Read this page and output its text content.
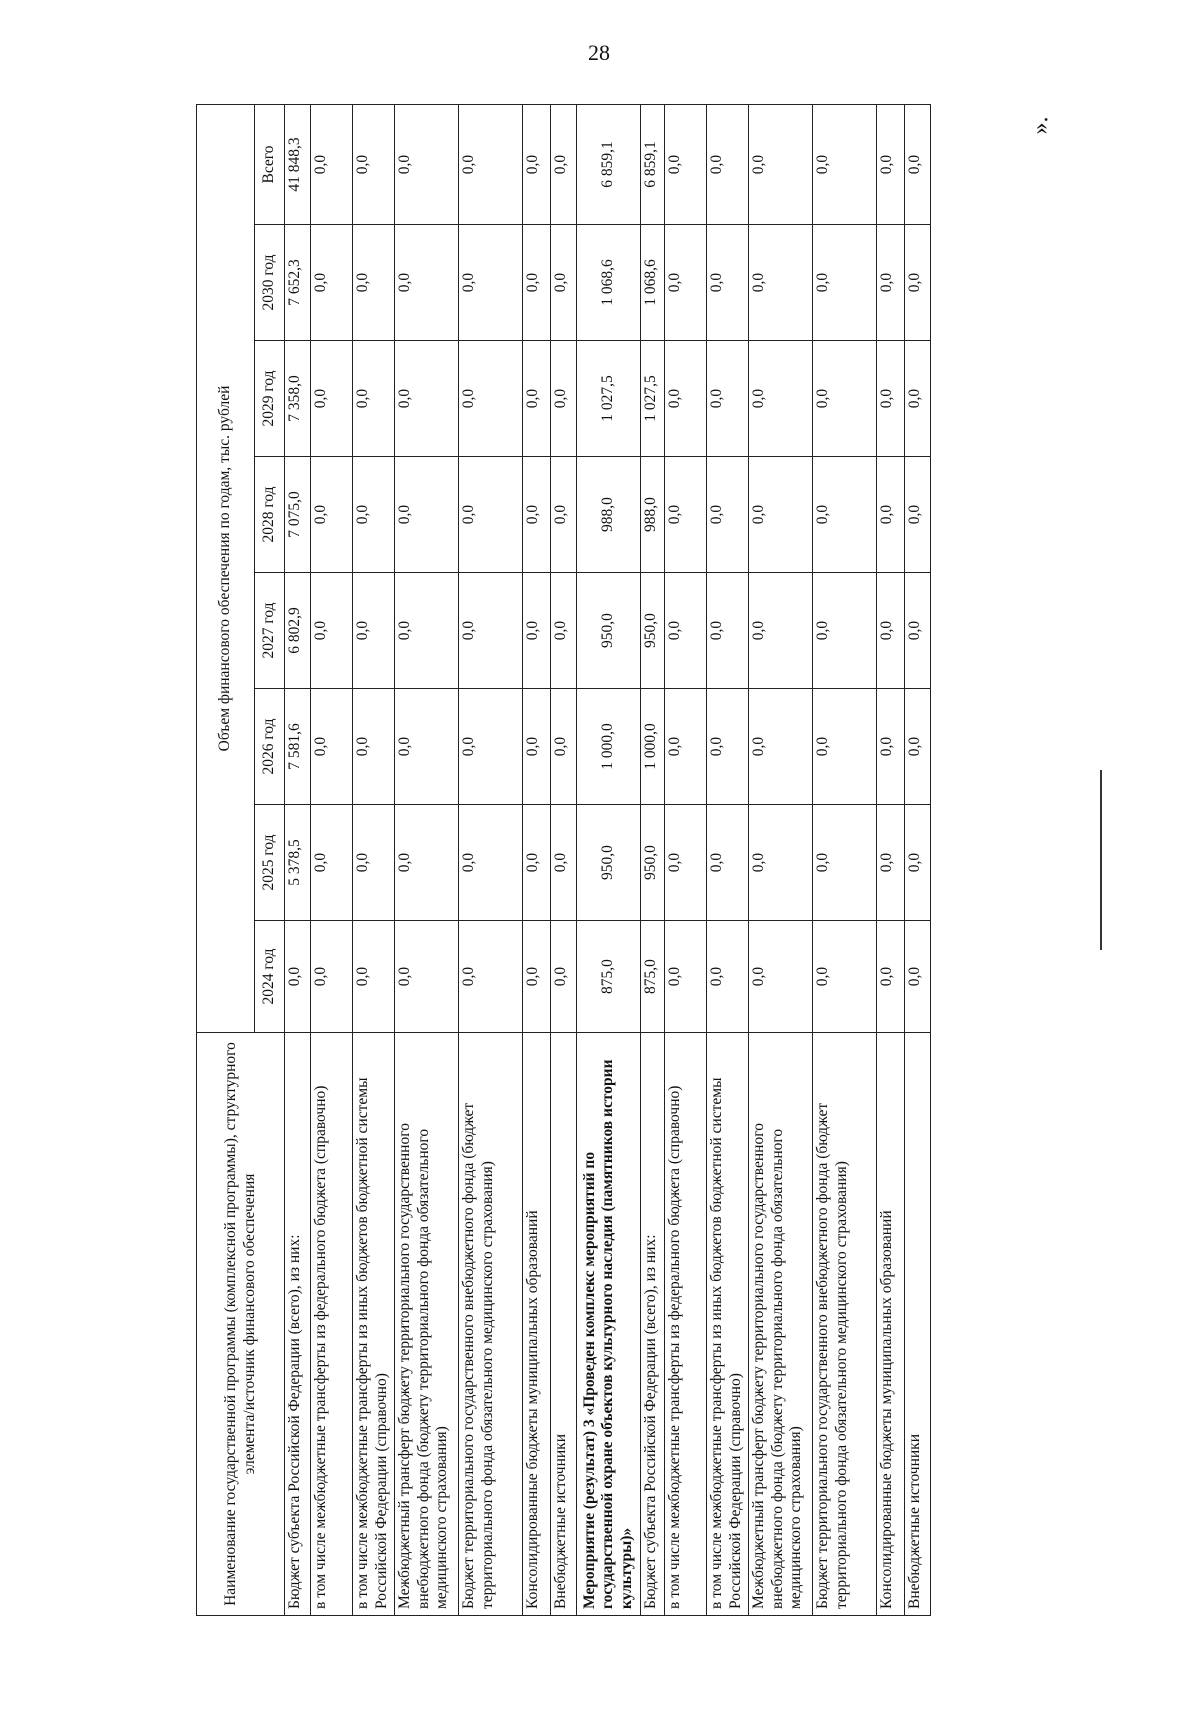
28
Наименование государственной программы (комплексной программы), структурного элемента/источник финансового обеспечения	Объем финансового обеспечения по годам, тыс. рублей							
	2024 год	2025 год	2026 год	2027 год	2028 год	2029 год	2030 год	Всего
Бюджет субъекта Российской Федерации (всего), из них:	0,0	5 378,5	7 581,6	6 802,9	7 075,0	7 358,0	7 652,3	41 848,3
в том числе межбюджетные трансферты из федерального бюджета (справочно)	0,0	0,0	0,0	0,0	0,0	0,0	0,0	0,0
в том числе межбюджетные трансферты из иных бюджетов бюджетной системы Российской Федерации (справочно)	0,0	0,0	0,0	0,0	0,0	0,0	0,0	0,0
Межбюджетный трансферт бюджету территориального государственного внебюджетного фонда (бюджету территориального фонда обязательного медицинского страхования)	0,0	0,0	0,0	0,0	0,0	0,0	0,0	0,0
Бюджет территориального государственного внебюджетного фонда (бюджет территориального фонда обязательного медицинского страхования)	0,0	0,0	0,0	0,0	0,0	0,0	0,0	0,0
Консолидированные бюджеты муниципальных образований	0,0	0,0	0,0	0,0	0,0	0,0	0,0	0,0
Внебюджетные источники	0,0	0,0	0,0	0,0	0,0	0,0	0,0	0,0
Мероприятие (результат) 3 «Проведен комплекс мероприятий по государственной охране объектов культурного наследия (памятников истории культуры)»	875,0	950,0	1 000,0	950,0	988,0	1 027,5	1 068,6	6 859,1
Бюджет субъекта Российской Федерации (всего), из них:	875,0	950,0	1 000,0	950,0	988,0	1 027,5	1 068,6	6 859,1
в том числе межбюджетные трансферты из федерального бюджета (справочно)	0,0	0,0	0,0	0,0	0,0	0,0	0,0	0,0
в том числе межбюджетные трансферты из иных бюджетов бюджетной системы Российской Федерации (справочно)	0,0	0,0	0,0	0,0	0,0	0,0	0,0	0,0
Межбюджетный трансферт бюджету территориального государственного внебюджетного фонда (бюджету территориального фонда обязательного медицинского страхования)	0,0	0,0	0,0	0,0	0,0	0,0	0,0	0,0
Бюджет территориального государственного внебюджетного фонда (бюджет территориального фонда обязательного медицинского страхования)	0,0	0,0	0,0	0,0	0,0	0,0	0,0	0,0
Консолидированные бюджеты муниципальных образований	0,0	0,0	0,0	0,0	0,0	0,0	0,0	0,0
Внебюджетные источники	0,0	0,0	0,0	0,0	0,0	0,0	0,0	0,0
».
